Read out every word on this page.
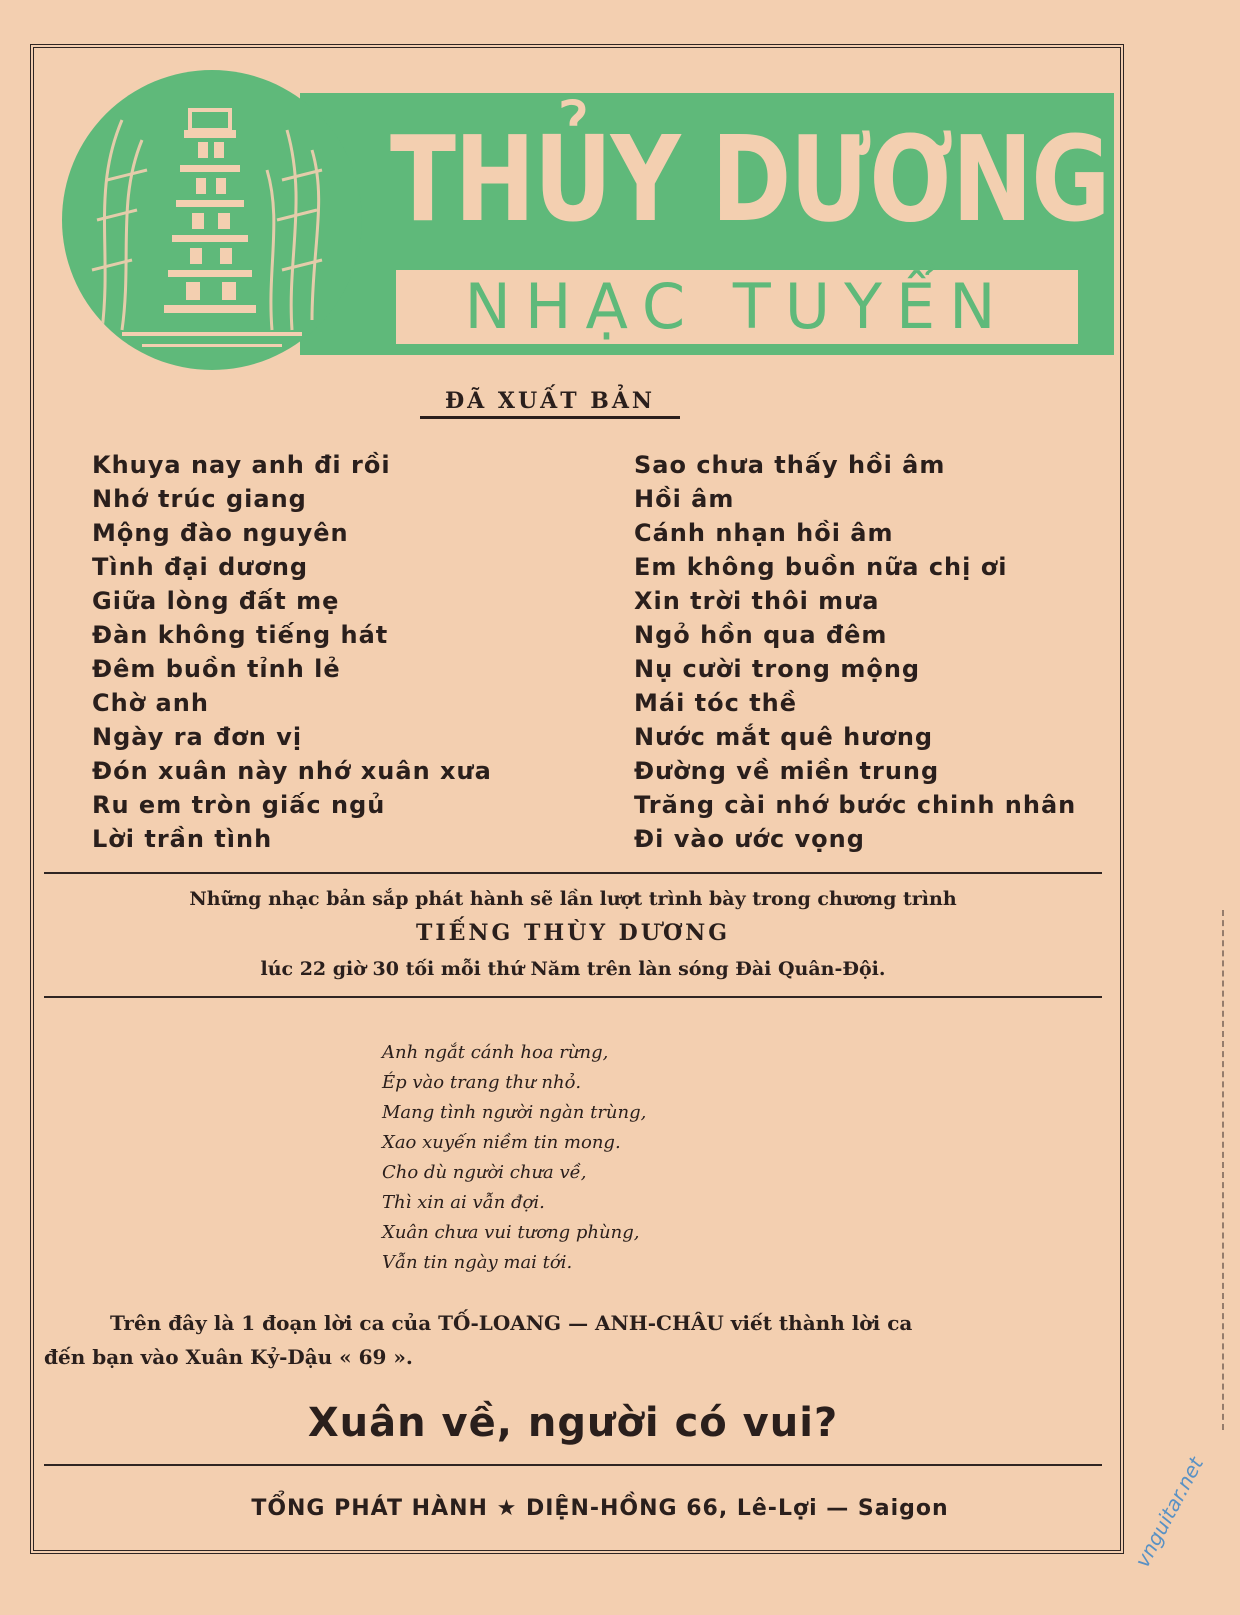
THỦY DƯƠNG
NHẠC TUYỂN
ĐÃ XUẤT BẢN
Khuya nay anh đi rồi
Nhớ trúc giang
Mộng đào nguyên
Tình đại dương
Giữa lòng đất mẹ
Đàn không tiếng hát
Đêm buồn tỉnh lẻ
Chờ anh
Ngày ra đơn vị
Đón xuân này nhớ xuân xưa
Ru em tròn giấc ngủ
Lời trần tình
Sao chưa thấy hồi âm
Hồi âm
Cánh nhạn hồi âm
Em không buồn nữa chị ơi
Xin trời thôi mưa
Ngỏ hồn qua đêm
Nụ cười trong mộng
Mái tóc thề
Nước mắt quê hương
Đường về miền trung
Trăng cài nhớ bước chinh nhân
Đi vào ước vọng
Những nhạc bản sắp phát hành sẽ lần lượt trình bày trong chương trình
TIẾNG THÙY DƯƠNG
lúc 22 giờ 30 tối mỗi thứ Năm trên làn sóng Đài Quân-Đội.
Anh ngắt cánh hoa rừng,
Ép vào trang thư nhỏ.
Mang tình người ngàn trùng,
Xao xuyến niềm tin mong.
Cho dù người chưa về,
Thì xin ai vẫn đợi.
Xuân chưa vui tương phùng,
Vẫn tin ngày mai tới.
Trên đây là 1 đoạn lời ca của TỐ-LOANG — ANH-CHÂU viết thành lời ca
đến bạn vào Xuân Kỷ-Dậu « 69 ».
Xuân về, người có vui?
TỔNG PHÁT HÀNH ★ DIỆN-HỒNG 66, Lê-Lợi — Saigon	vnguitar.net
